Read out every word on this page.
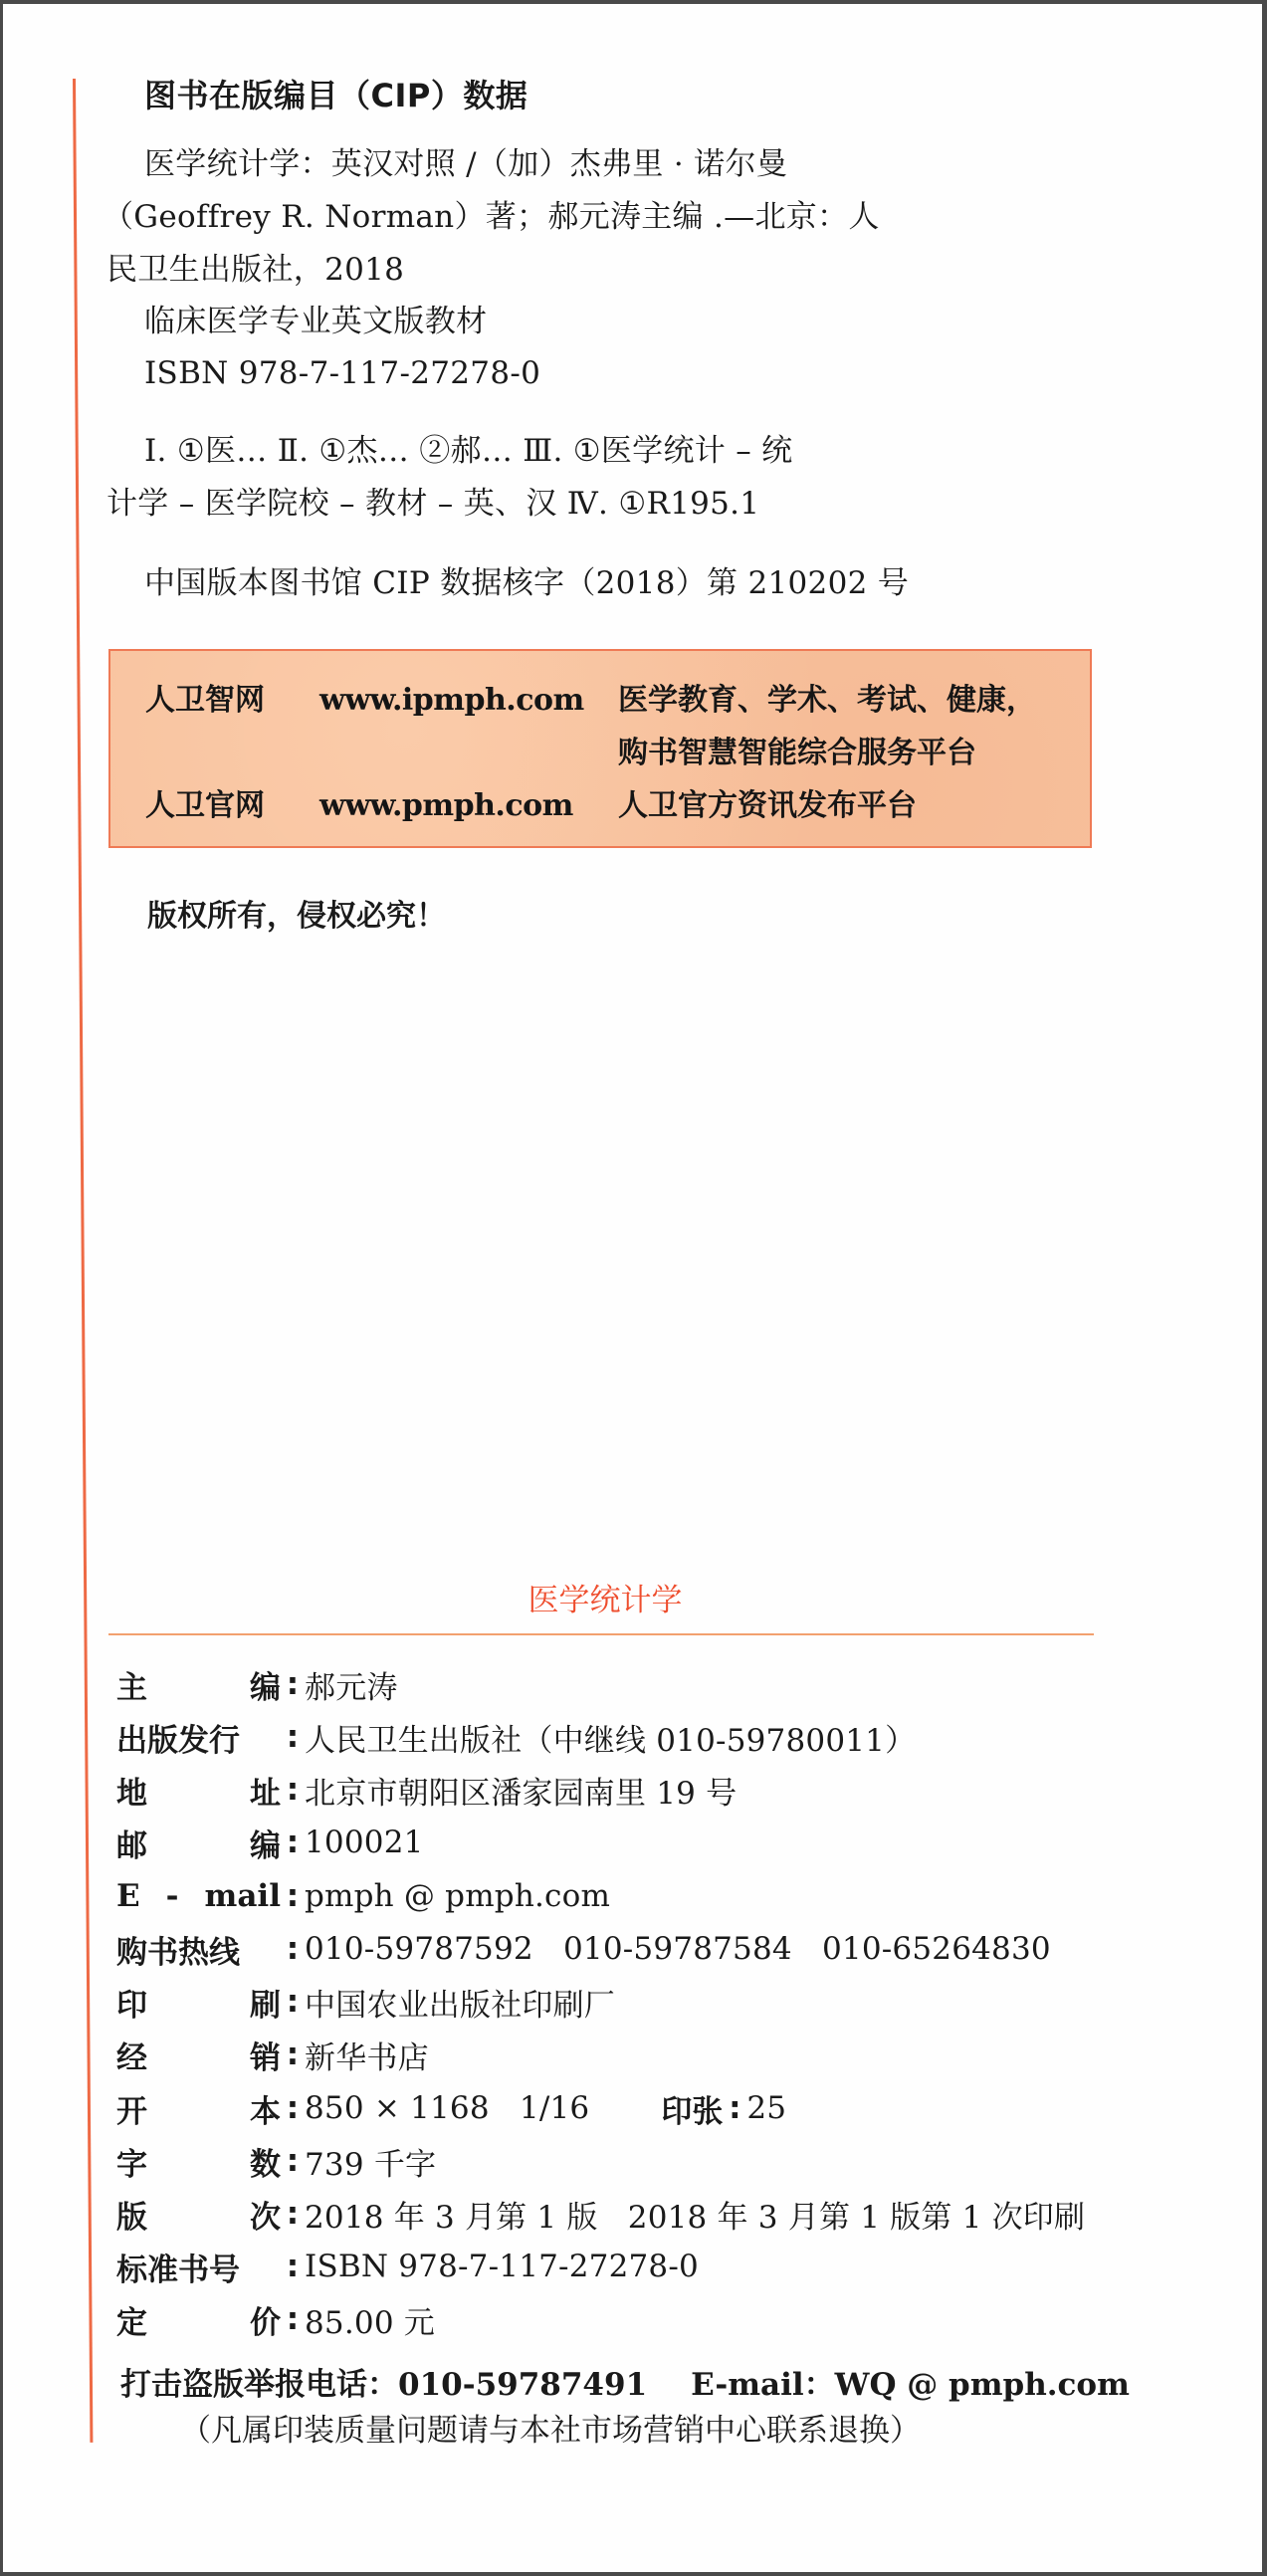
图书在版编目（CIP）数据
医学统计学：英汉对照 /（加）杰弗里 · 诺尔曼
（Geoffrey R. Norman）著；郝元涛主编 .—北京：人
民卫生出版社，2018
临床医学专业英文版教材
ISBN 978-7-117-27278-0
Ⅰ. ①医… Ⅱ. ①杰… ②郝… Ⅲ. ①医学统计 – 统
计学 – 医学院校 – 教材 – 英、汉 Ⅳ. ①R195.1
中国版本图书馆 CIP 数据核字（2018）第 210202 号
人卫智网 www.ipmph.com 医学教育、学术、考试、健康，
购书智慧智能综合服务平台
人卫官网 www.pmph.com 人卫官方资讯发布平台
版权所有，侵权必究！
医学统计学
主	编 : 郝元涛
出版发行	: 人民卫生出版社（中继线 010-59780011）
地	址 : 北京市朝阳区潘家园南里 19 号
邮	编 : 100021
E - mail : pmph @ pmph.com
购书热线	: 010-59787592   010-59787584   010-65264830
印	刷 : 中国农业出版社印刷厂
经	销 : 新华书店
开	本 : 850 × 1168   1/16 印张 : 25
字	数 : 739 千字
版	次 : 2018 年 3 月第 1 版   2018 年 3 月第 1 版第 1 次印刷
标准书号	: ISBN 978-7-117-27278-0
定	价 : 85.00 元
打击盗版举报电话：010-59787491 E-mail：WQ @ pmph.com
（凡属印装质量问题请与本社市场营销中心联系退换）
